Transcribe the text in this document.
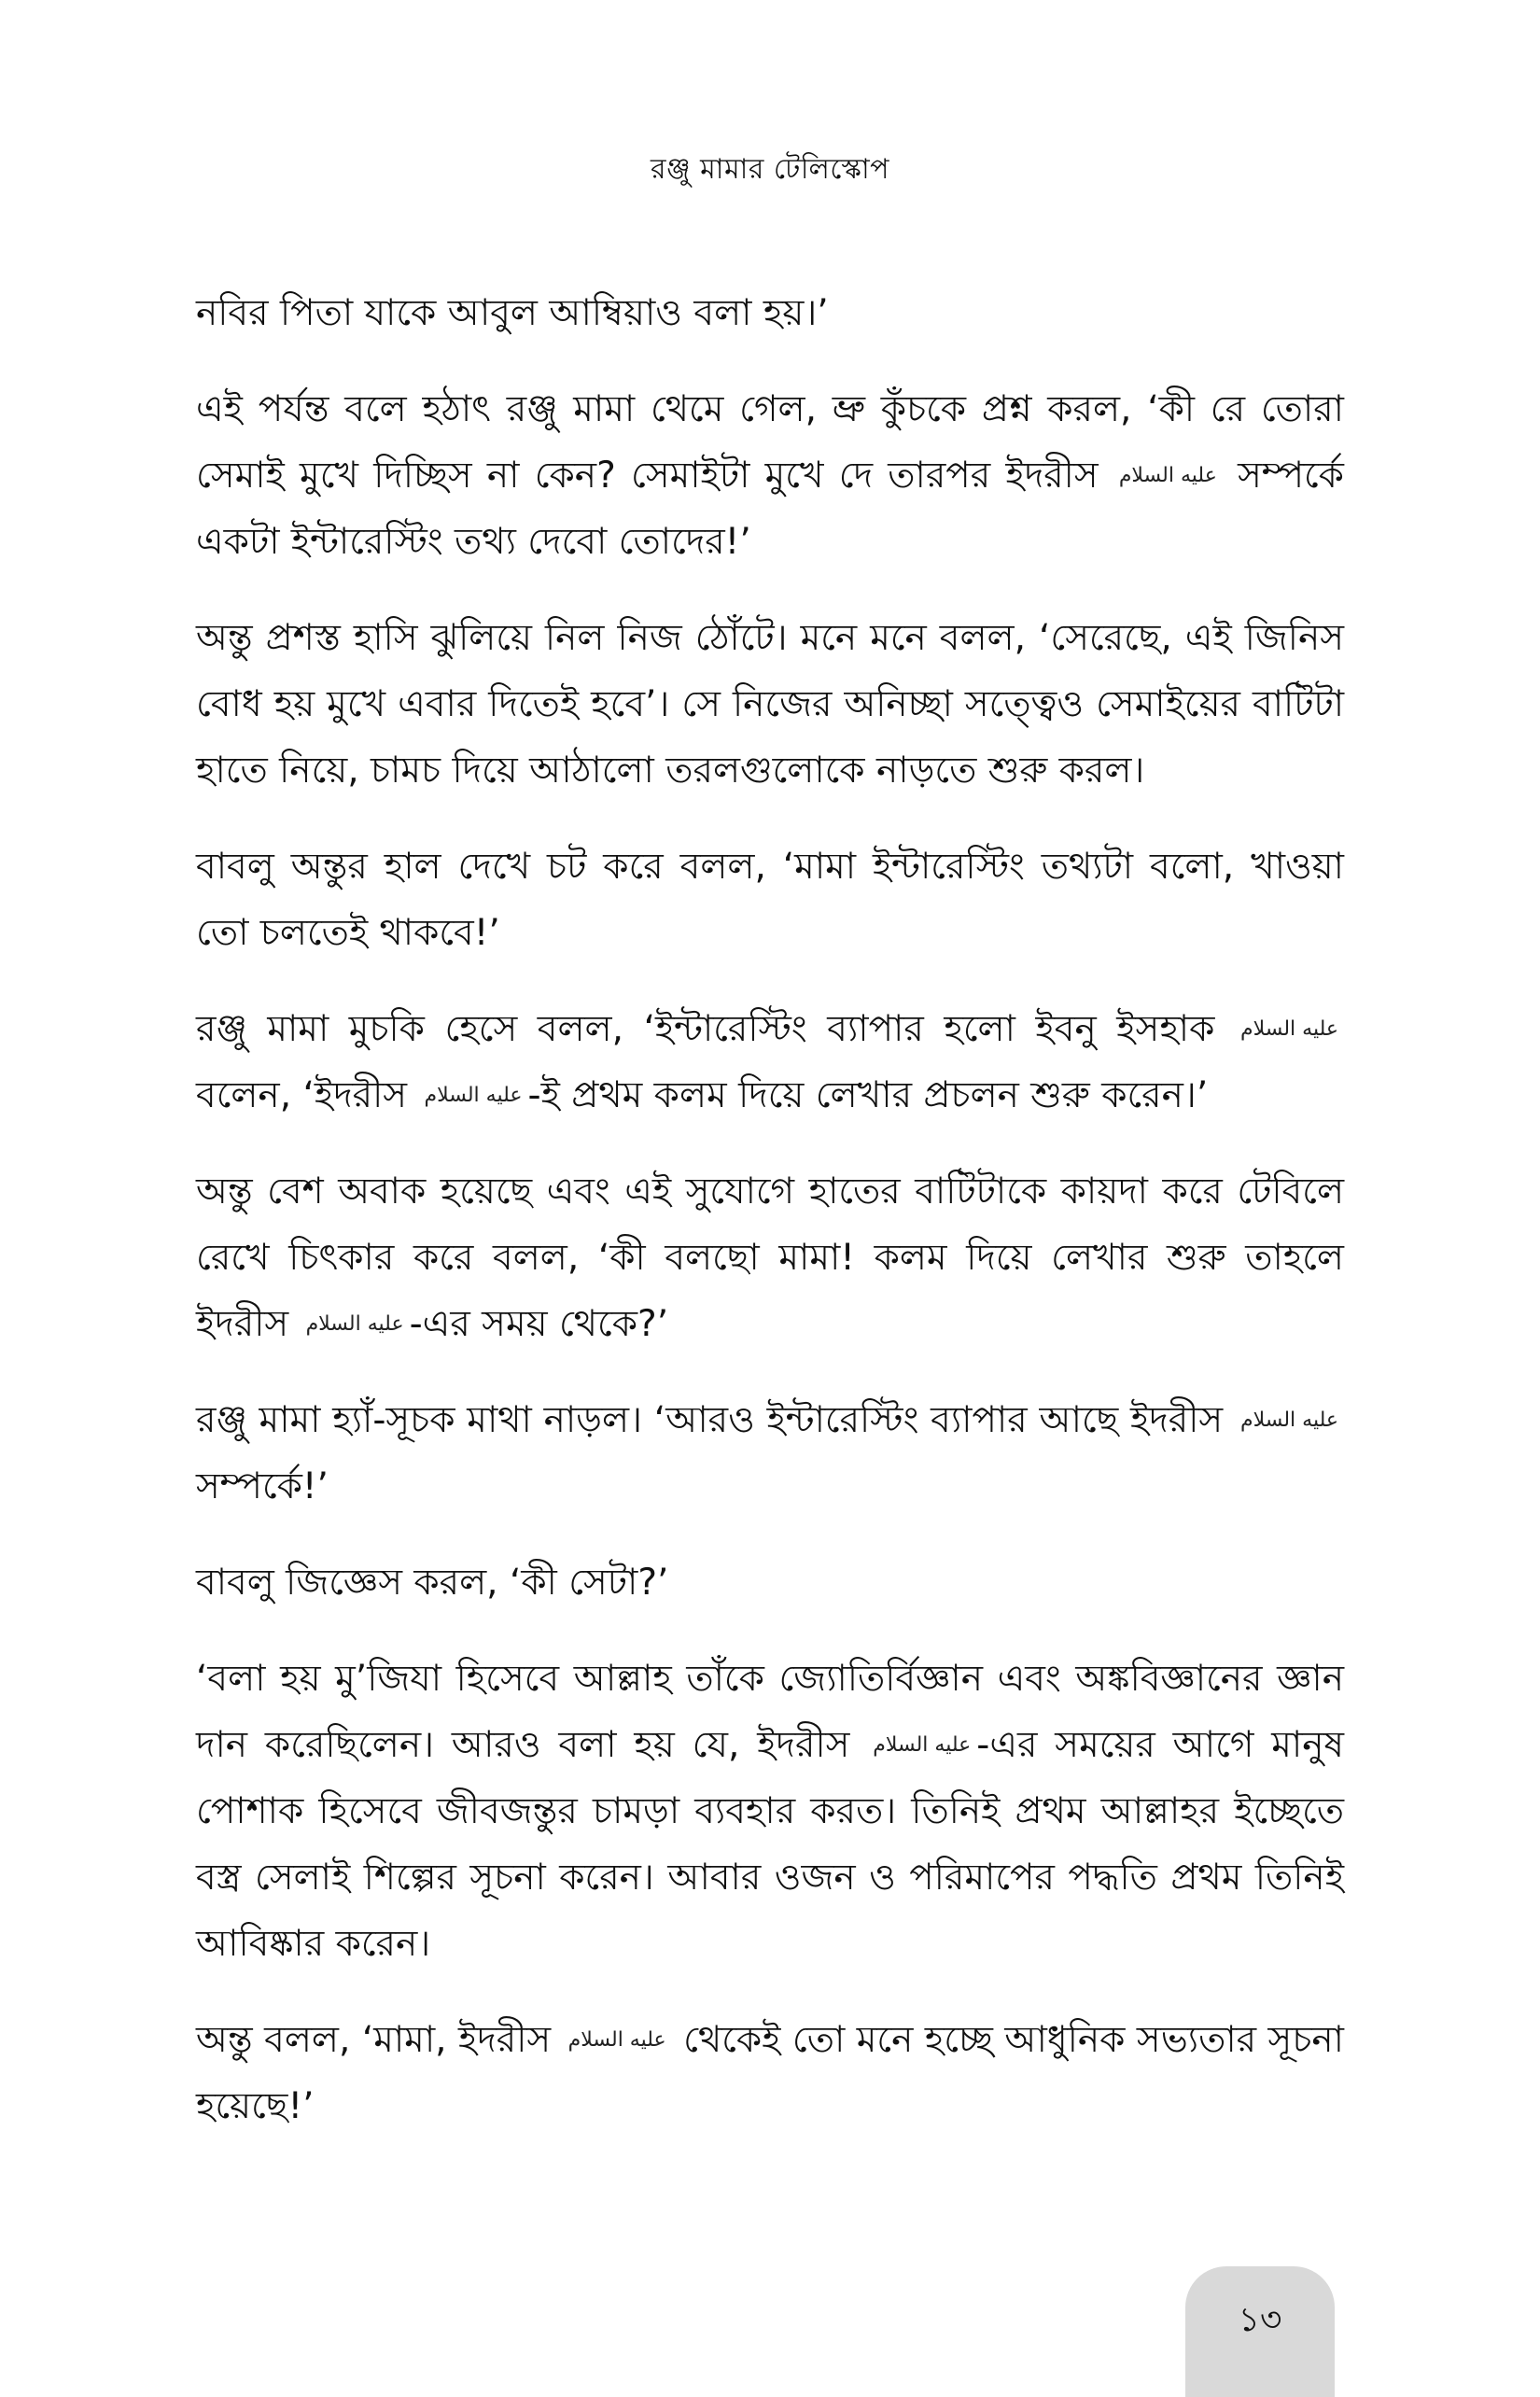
রঞ্জু মামার টেলিস্কোপ

নবির পিতা যাকে আবুল আম্বিয়াও বলা হয়।’

এই পর্যন্ত বলে হঠাৎ রঞ্জু মামা থেমে গেল, ভ্রু কুঁচকে প্রশ্ন করল, ‘কী রে তোরা সেমাই মুখে দিচ্ছিস না কেন? সেমাইটা মুখে দে তারপর ইদরীস عليه السلام সম্পর্কে একটা ইন্টারেস্টিং তথ্য দেবো তোদের!’

অন্তু প্রশস্ত হাসি ঝুলিয়ে নিল নিজ ঠোঁটে। মনে মনে বলল, ‘সেরেছে, এই জিনিস বোধ হয় মুখে এবার দিতেই হবে’। সে নিজের অনিচ্ছা সত্ত্বেও সেমাইয়ের বাটিটা হাতে নিয়ে, চামচ দিয়ে আঠালো তরলগুলোকে নাড়তে শুরু করল।

বাবলু অন্তুর হাল দেখে চট করে বলল, ‘মামা ইন্টারেস্টিং তথ্যটা বলো, খাওয়া তো চলতেই থাকবে!’

রঞ্জু মামা মুচকি হেসে বলল, ‘ইন্টারেস্টিং ব্যাপার হলো ইবনু ইসহাক عليه السلام বলেন, ‘ইদরীস عليه السلام -ই প্রথম কলম দিয়ে লেখার প্রচলন শুরু করেন।’

অন্তু বেশ অবাক হয়েছে এবং এই সুযোগে হাতের বাটিটাকে কায়দা করে টেবিলে রেখে চিৎকার করে বলল, ‘কী বলছো মামা! কলম দিয়ে লেখার শুরু তাহলে ইদরীস عليه السلام -এর সময় থেকে?’

রঞ্জু মামা হ্যাঁ-সূচক মাথা নাড়ল। ‘আরও ইন্টারেস্টিং ব্যাপার আছে ইদরীস عليه السلام সম্পর্কে!’

বাবলু জিজ্ঞেস করল, ‘কী সেটা?’

‘বলা হয় মু’জিযা হিসেবে আল্লাহ তাঁকে জ্যোতির্বিজ্ঞান এবং অঙ্কবিজ্ঞানের জ্ঞান দান করেছিলেন। আরও বলা হয় যে, ইদরীস عليه السلام -এর সময়ের আগে মানুষ পোশাক হিসেবে জীবজন্তুর চামড়া ব্যবহার করত। তিনিই প্রথম আল্লাহর ইচ্ছেতে বস্ত্র সেলাই শিল্পের সূচনা করেন। আবার ওজন ও পরিমাপের পদ্ধতি প্রথম তিনিই আবিষ্কার করেন।

অন্তু বলল, ‘মামা, ইদরীস عليه السلام থেকেই তো মনে হচ্ছে আধুনিক সভ্যতার সূচনা হয়েছে!’

১৩
